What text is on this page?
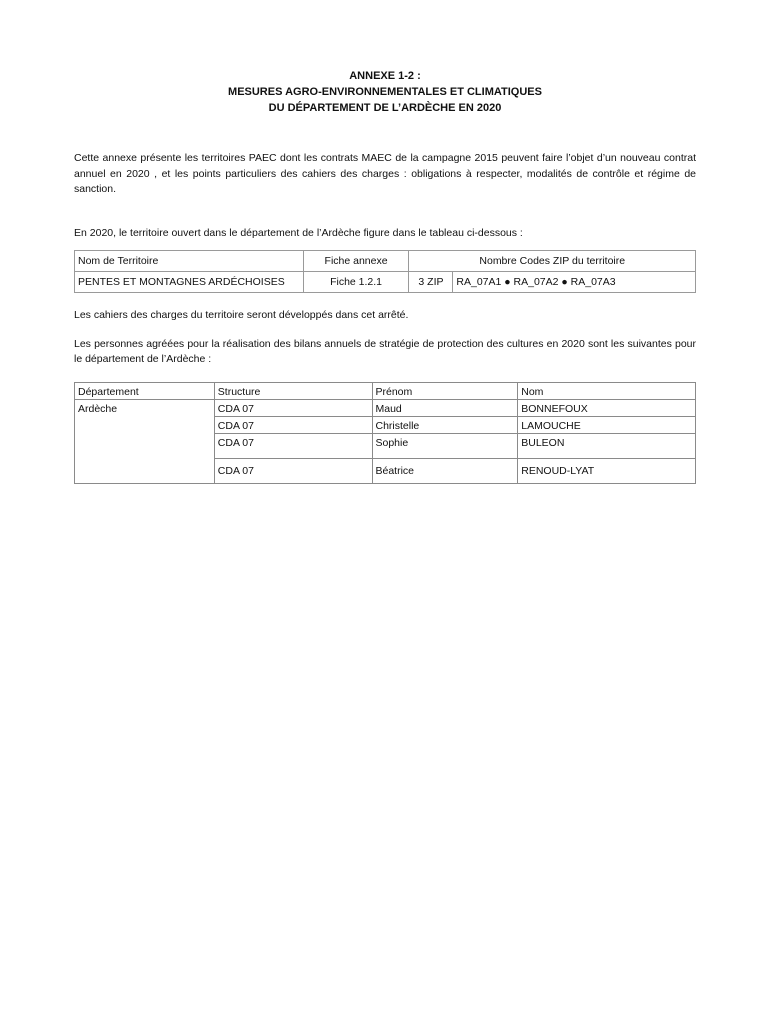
ANNEXE 1-2 :
MESURES AGRO-ENVIRONNEMENTALES ET CLIMATIQUES
DU DÉPARTEMENT DE L’ARDÈCHE EN 2020

Cette annexe présente les territoires PAEC dont les contrats MAEC de la campagne 2015 peuvent faire l’objet d’un nouveau contrat annuel en 2020 , et les points particuliers des cahiers des charges : obligations à respecter, modalités de contrôle et régime de sanction.

En 2020, le territoire ouvert dans le département de l’Ardèche figure dans le tableau ci-dessous :

Nom de Territoire	Fiche annexe	Nombre Codes ZIP du territoire	
PENTES ET MONTAGNES ARDÉCHOISES	Fiche 1.2.1	3 ZIP	RA_07A1 ● RA_07A2 ● RA_07A3

Les cahiers des charges du territoire seront développés dans cet arrêté.

Les personnes agréées pour la réalisation des bilans annuels de stratégie de protection des cultures en 2020 sont les suivantes pour le département de l’Ardèche :

Département	Structure	Prénom	Nom
Ardèche	CDA 07	Maud	BONNEFOUX
	CDA 07	Christelle	LAMOUCHE
	CDA 07	Sophie	BULEON
	CDA 07	Béatrice	RENOUD-LYAT
